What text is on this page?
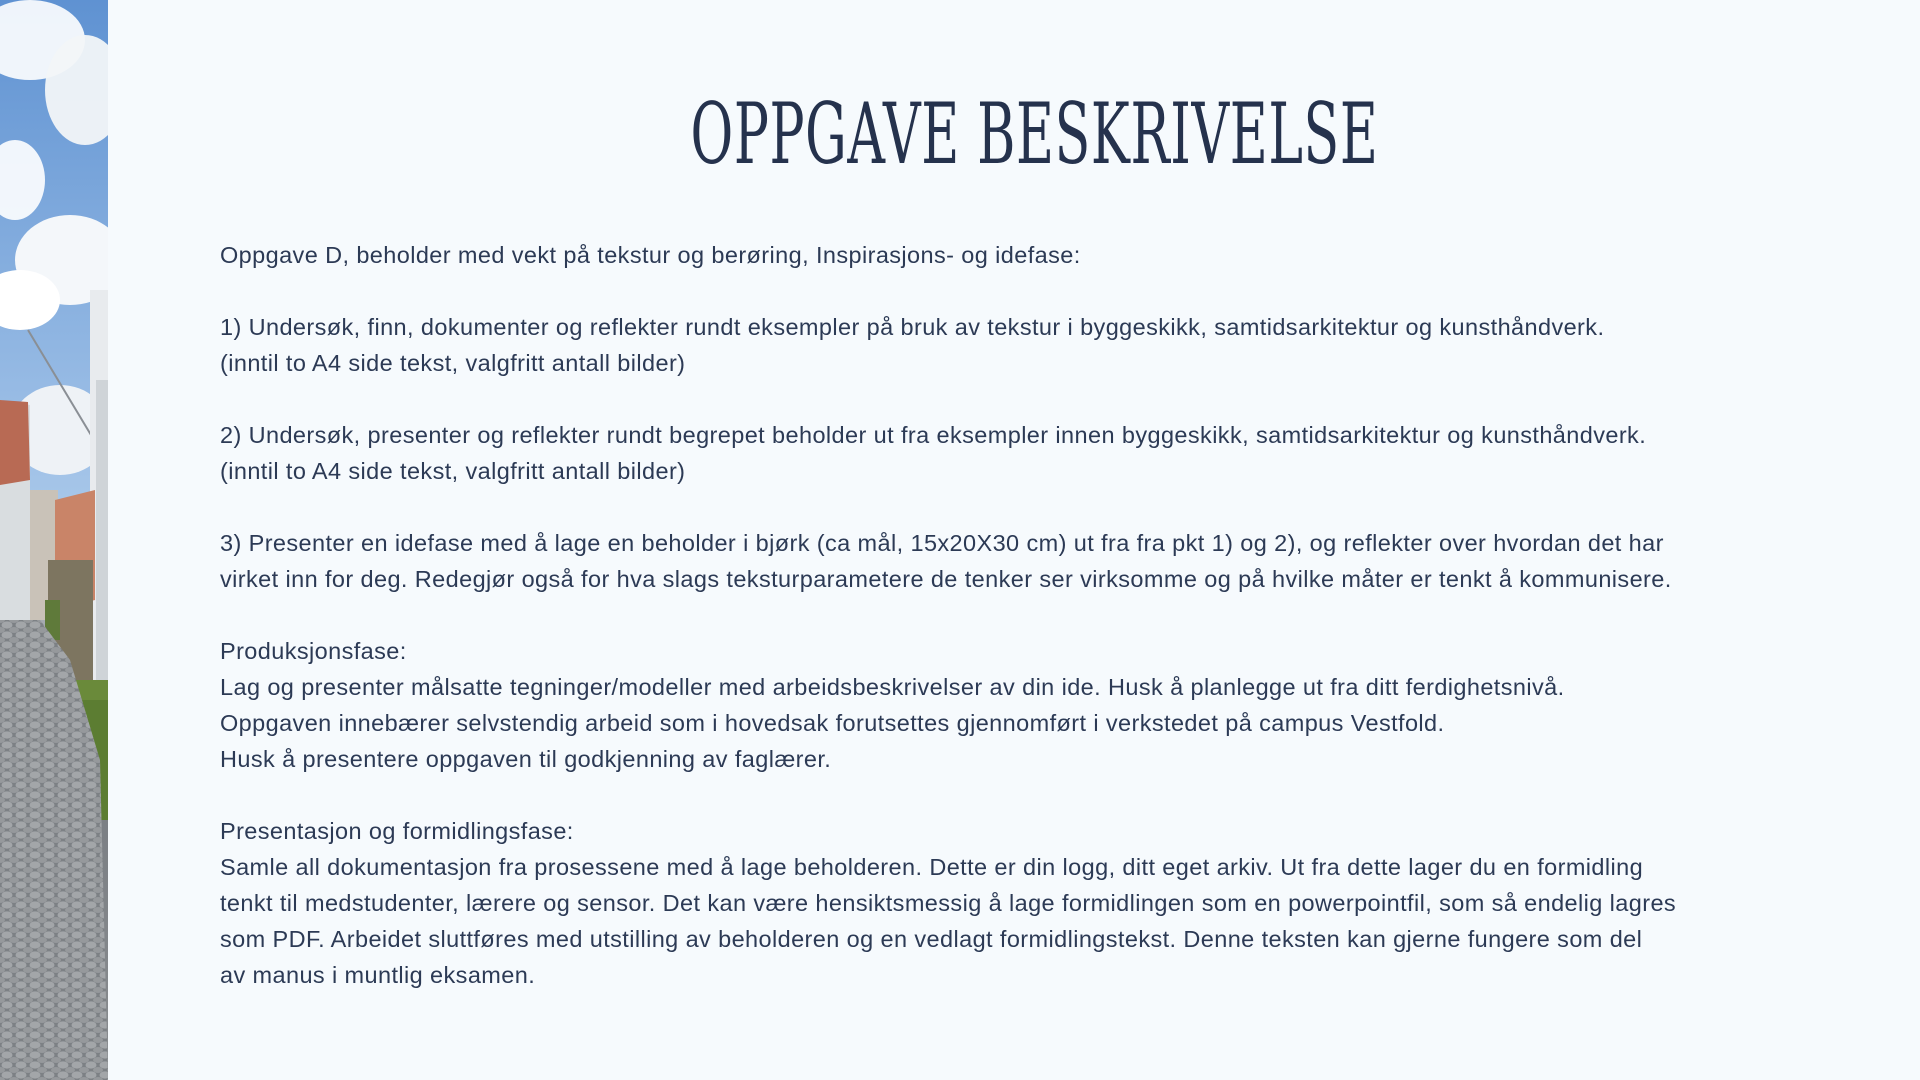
OPPGAVE BESKRIVELSE

Oppgave D, beholder med vekt på tekstur og berøring, Inspirasjons- og idefase:

1) Undersøk, finn, dokumenter og reflekter rundt eksempler på bruk av tekstur i byggeskikk, samtidsarkitektur og kunsthåndverk.
(inntil to A4 side tekst, valgfritt antall bilder)

2) Undersøk, presenter og reflekter rundt begrepet beholder ut fra eksempler innen byggeskikk, samtidsarkitektur og kunsthåndverk.
(inntil to A4 side tekst, valgfritt antall bilder)

3) Presenter en idefase med å lage en beholder i bjørk (ca mål, 15x20X30 cm) ut fra fra pkt 1) og 2), og reflekter over hvordan det har
virket inn for deg. Redegjør også for hva slags teksturparametere de tenker ser virksomme og på hvilke måter er tenkt å kommunisere.

Produksjonsfase:
Lag og presenter målsatte tegninger/modeller med arbeidsbeskrivelser av din ide. Husk å planlegge ut fra ditt ferdighetsnivå.
Oppgaven innebærer selvstendig arbeid som i hovedsak forutsettes gjennomført i verkstedet på campus Vestfold.
Husk å presentere oppgaven til godkjenning av faglærer.

Presentasjon og formidlingsfase:
Samle all dokumentasjon fra prosessene med å lage beholderen. Dette er din logg, ditt eget arkiv. Ut fra dette lager du en formidling
tenkt til medstudenter, lærere og sensor. Det kan være hensiktsmessig å lage formidlingen som en powerpointfil, som så endelig lagres
som PDF. Arbeidet sluttføres med utstilling av beholderen og en vedlagt formidlingstekst. Denne teksten kan gjerne fungere som del
av manus i muntlig eksamen.
